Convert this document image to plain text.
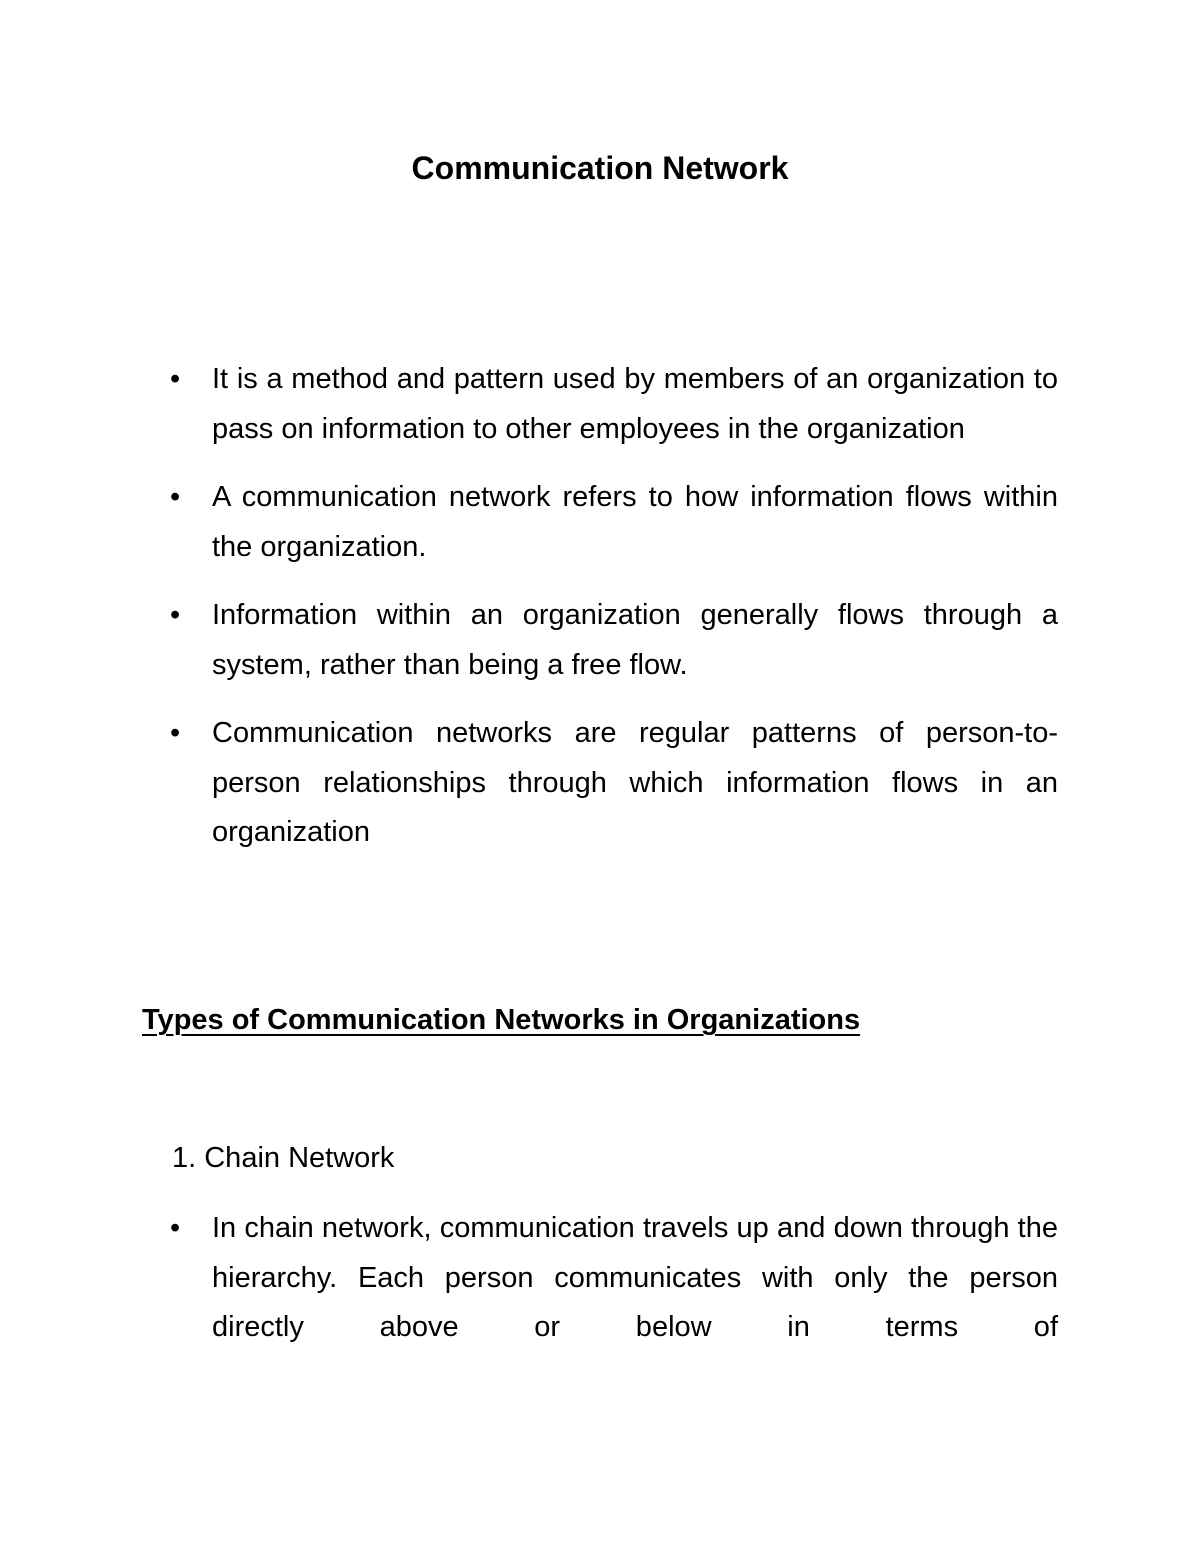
Communication Network
•	It is a method and pattern used by members of an organization to pass on information to other employees in the organization
•	A communication network refers to how information flows within the organization.
•	Information within an organization generally flows through a system, rather than being a free flow.
•	Communication networks are regular patterns of person-to-person relationships through which information flows in an organization
Types of Communication Networks in Organizations

1. Chain Network

•	In chain network, communication travels up and down through the hierarchy. Each person communicates with only the person directly above or below in terms of
